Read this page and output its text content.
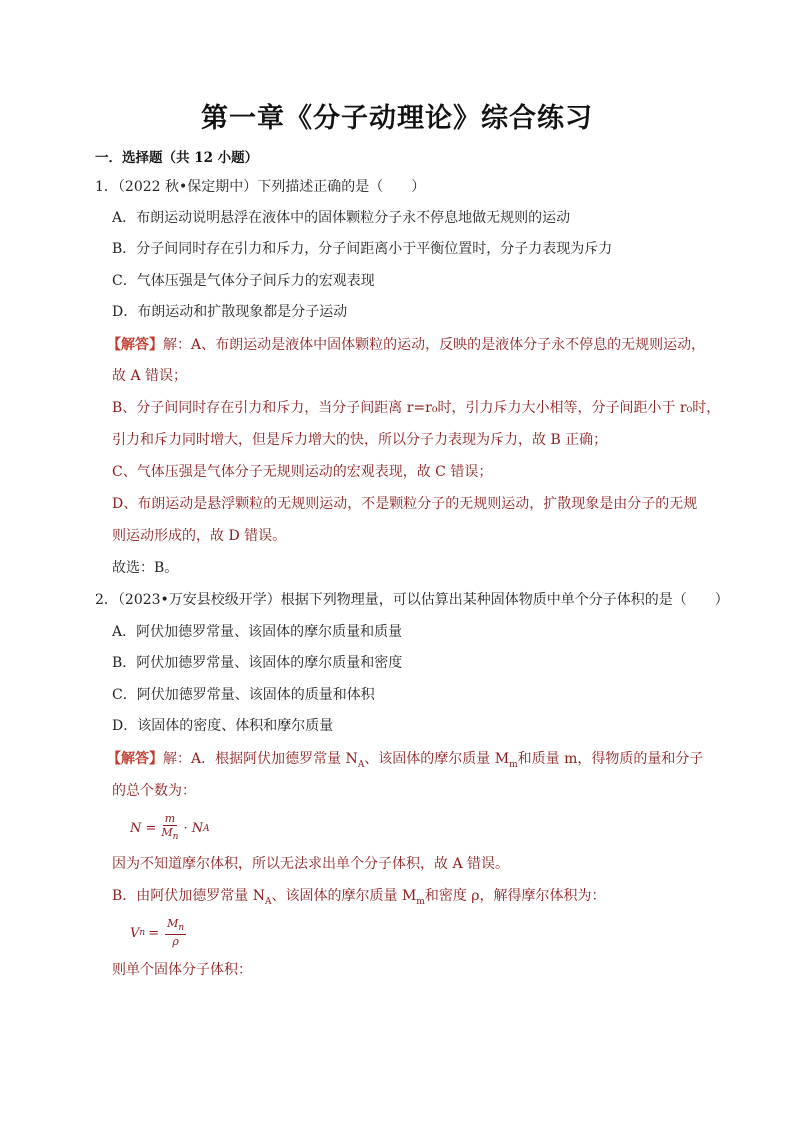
第一章《分子动理论》综合练习
一．选择题（共 12 小题）
1．（2022 秋•保定期中）下列描述正确的是（　　）
A．布朗运动说明悬浮在液体中的固体颗粒分子永不停息地做无规则的运动
B．分子间同时存在引力和斥力，分子间距离小于平衡位置时，分子力表现为斥力
C．气体压强是气体分子间斥力的宏观表现
D．布朗运动和扩散现象都是分子运动
【解答】解：A、布朗运动是液体中固体颗粒的运动，反映的是液体分子永不停息的无规则运动，
故 A 错误；
B、分子间同时存在引力和斥力，当分子间距离 r=r₀时，引力斥力大小相等，分子间距小于 r₀时，
引力和斥力同时增大，但是斥力增大的快，所以分子力表现为斥力，故 B 正确；
C、气体压强是气体分子无规则运动的宏观表现，故 C 错误；
D、布朗运动是悬浮颗粒的无规则运动，不是颗粒分子的无规则运动，扩散现象是由分子的无规
则运动形成的，故 D 错误。
故选：B。
2．（2023•万安县校级开学）根据下列物理量，可以估算出某种固体物质中单个分子体积的是（　　）
A．阿伏加德罗常量、该固体的摩尔质量和质量
B．阿伏加德罗常量、该固体的摩尔质量和密度
C．阿伏加德罗常量、该固体的质量和体积
D．该固体的密度、体积和摩尔质量
【解答】解：A．根据阿伏加德罗常量 $N_A$、该固体的摩尔质量 $M_m$和质量 m，得物质的量和分子
的总个数为：
$N = \frac{m}{M_n} \cdot N$ A
因为不知道摩尔体积，所以无法求出单个分子体积，故 A 错误。
B．由阿伏加德罗常量 $N_A$、该固体的摩尔质量 $M_m$和密度 ρ，解得摩尔体积为：
V $n = \frac{M_n}{\rho}$
则单个固体分子体积：
